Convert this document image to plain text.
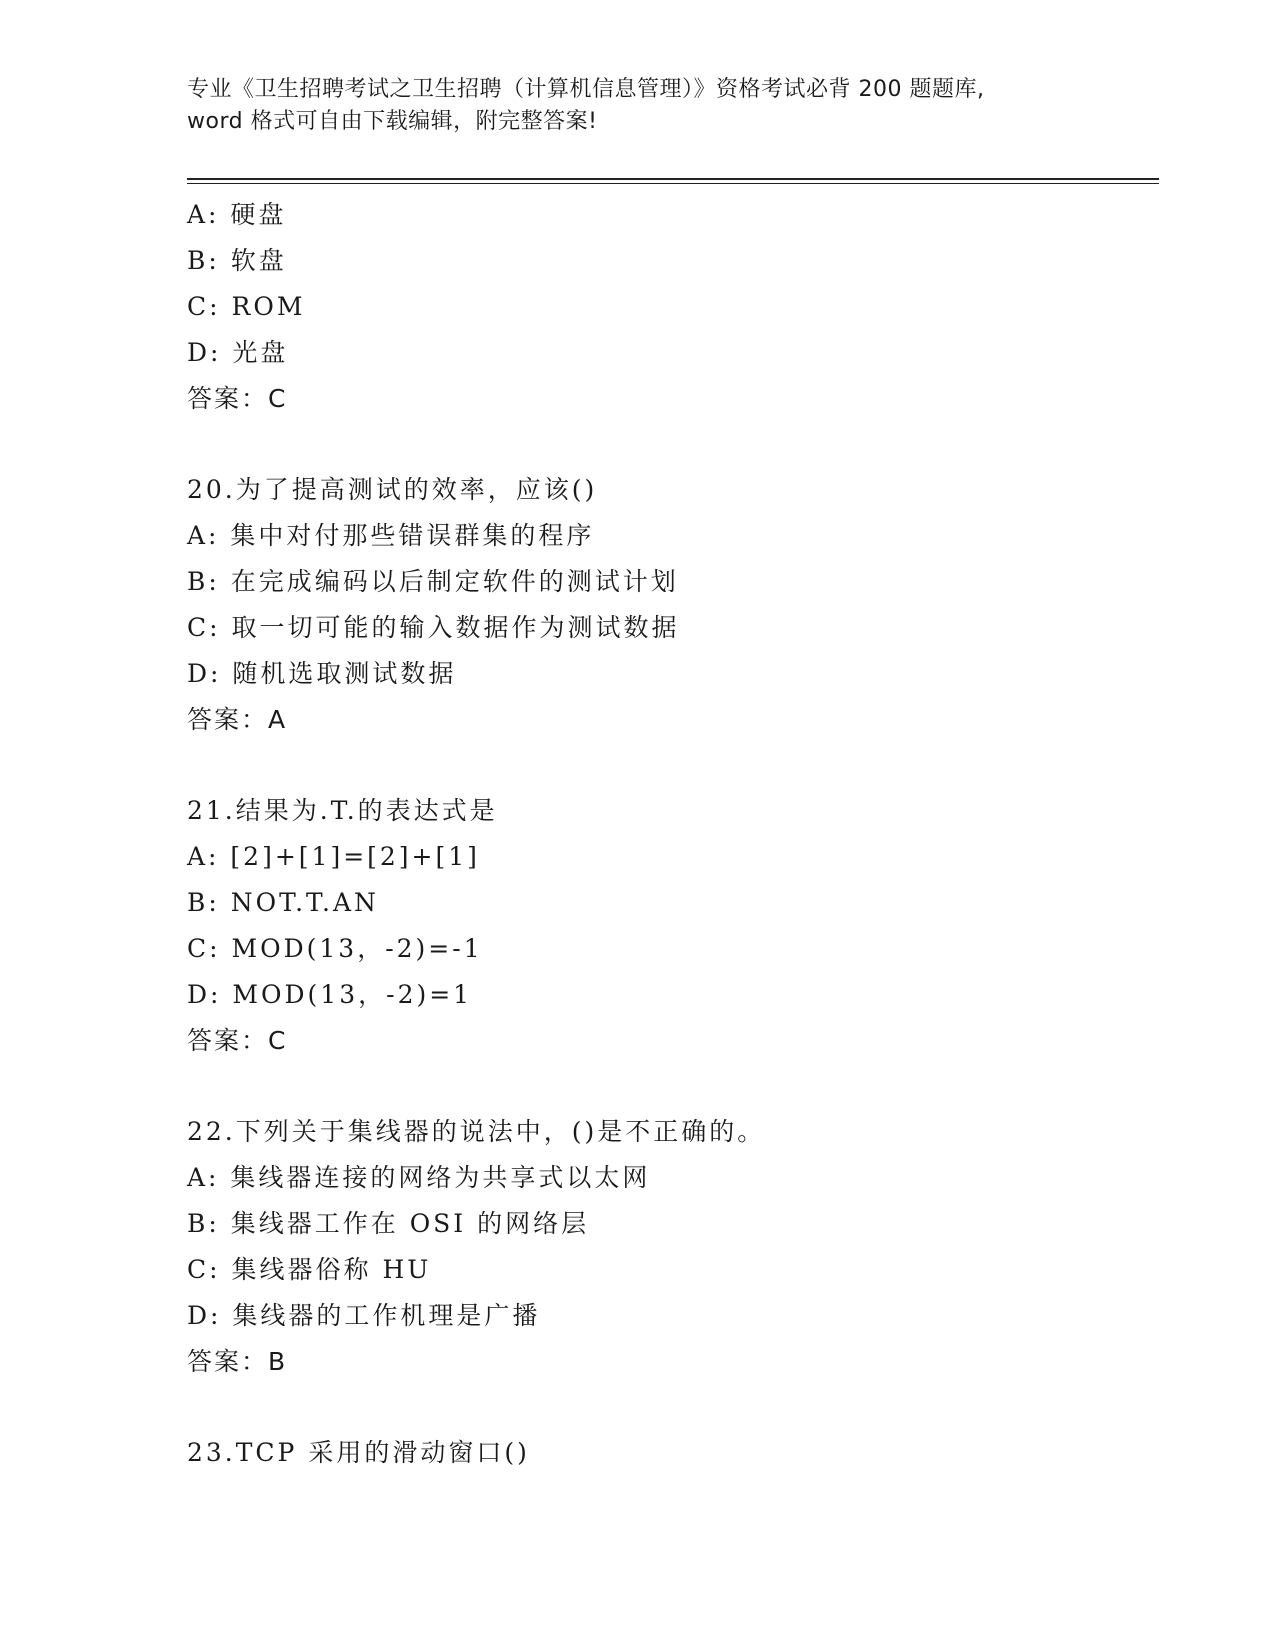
专业《卫生招聘考试之卫生招聘（计算机信息管理）》资格考试必背 200 题题库,
word 格式可自由下载编辑，附完整答案!
A: 硬盘
B: 软盘
C: ROM
D: 光盘
答案：C
20.为了提高测试的效率，应该()
A: 集中对付那些错误群集的程序
B: 在完成编码以后制定软件的测试计划
C: 取一切可能的输入数据作为测试数据
D: 随机选取测试数据
答案：A
21.结果为.T.的表达式是
A: [2]+[1]=[2]+[1]
B: NOT.T.AN
C: MOD(13，-2)=-1
D: MOD(13，-2)=1
答案：C
22.下列关于集线器的说法中，()是不正确的。
A: 集线器连接的网络为共享式以太网
B: 集线器工作在 OSI 的网络层
C: 集线器俗称 HU
D: 集线器的工作机理是广播
答案：B
23.TCP 采用的滑动窗口()
